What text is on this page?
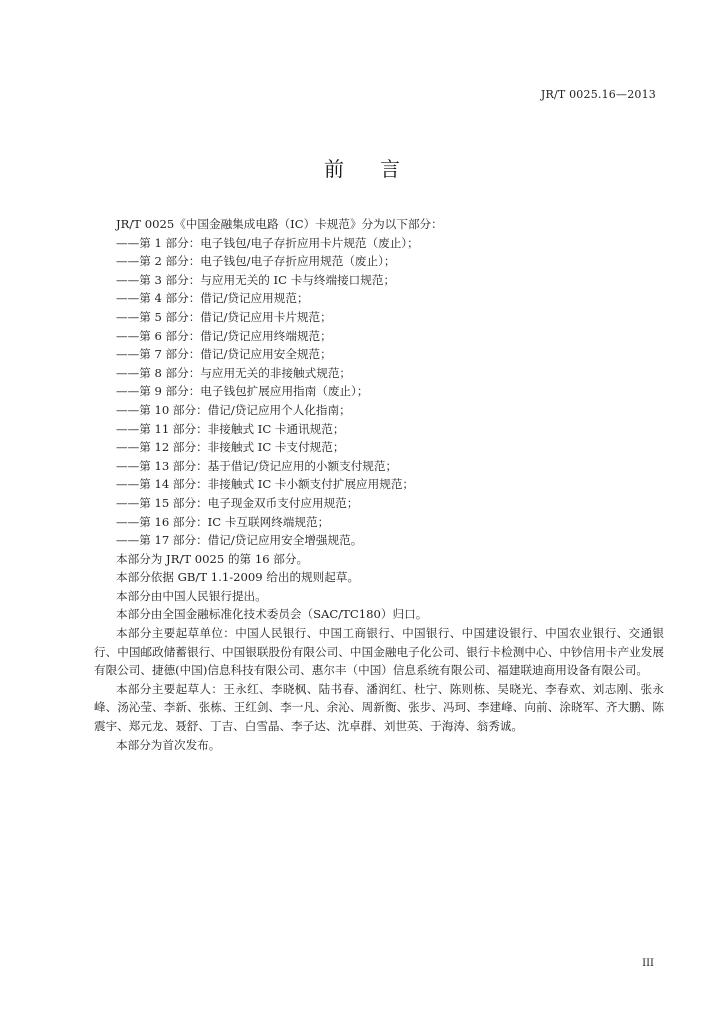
JR/T 0025.16—2013
前言
JR/T 0025《中国金融集成电路（IC）卡规范》分为以下部分：
——第 1 部分：电子钱包/电子存折应用卡片规范（废止）；
——第 2 部分：电子钱包/电子存折应用规范（废止）；
——第 3 部分：与应用无关的 IC 卡与终端接口规范；
——第 4 部分：借记/贷记应用规范；
——第 5 部分：借记/贷记应用卡片规范；
——第 6 部分：借记/贷记应用终端规范；
——第 7 部分：借记/贷记应用安全规范；
——第 8 部分：与应用无关的非接触式规范；
——第 9 部分：电子钱包扩展应用指南（废止）；
——第 10 部分：借记/贷记应用个人化指南；
——第 11 部分：非接触式 IC 卡通讯规范；
——第 12 部分：非接触式 IC 卡支付规范；
——第 13 部分：基于借记/贷记应用的小额支付规范；
——第 14 部分：非接触式 IC 卡小额支付扩展应用规范；
——第 15 部分：电子现金双币支付应用规范；
——第 16 部分：IC 卡互联网终端规范；
——第 17 部分：借记/贷记应用安全增强规范。
本部分为 JR/T 0025 的第 16 部分。
本部分依据 GB/T 1.1-2009 给出的规则起草。
本部分由中国人民银行提出。
本部分由全国金融标准化技术委员会（SAC/TC180）归口。
本部分主要起草单位：中国人民银行、中国工商银行、中国银行、中国建设银行、中国农业银行、交通银行、中国邮政储蓄银行、中国银联股份有限公司、中国金融电子化公司、银行卡检测中心、中钞信用卡产业发展有限公司、捷德(中国)信息科技有限公司、惠尔丰（中国）信息系统有限公司、福建联迪商用设备有限公司。
本部分主要起草人：王永红、李晓枫、陆书春、潘润红、杜宁、陈则栋、吴晓光、李春欢、刘志刚、张永峰、汤沁莹、李新、张栋、王红剑、李一凡、余沁、周新衡、张步、冯珂、李建峰、向前、涂晓军、齐大鹏、陈震宇、郑元龙、聂舒、丁吉、白雪晶、李子达、沈卓群、刘世英、于海涛、翁秀诚。
本部分为首次发布。
III
